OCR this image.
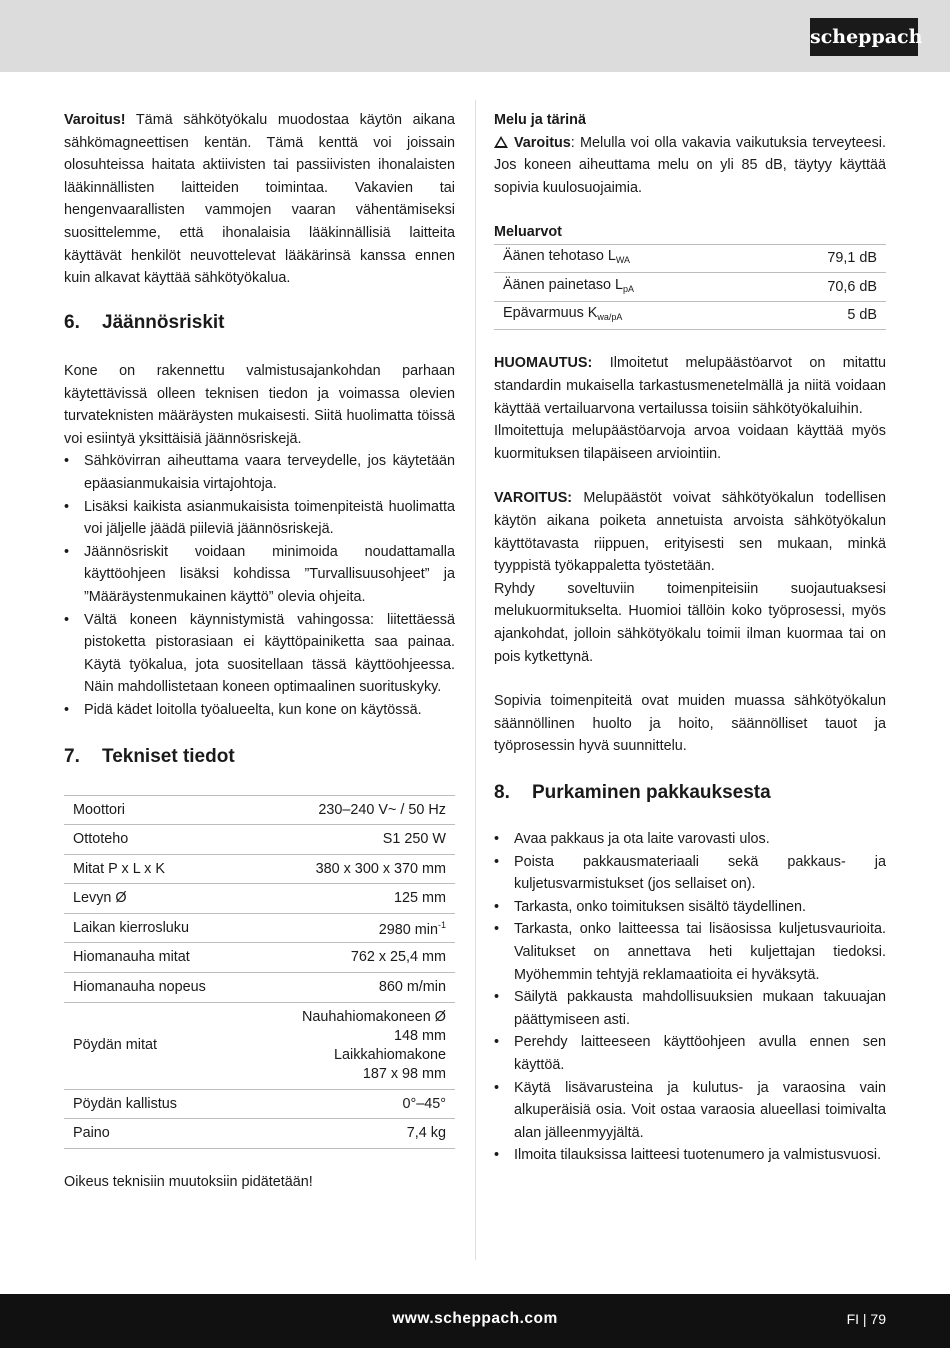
scheppach

Varoitus! Tämä sähkötyökalu muodostaa käytön aikana sähkömagneettisen kentän. Tämä kenttä voi joissain olosuhteissa haitata aktiivisten tai passiivisten ihonalaisten lääkinnällisten laitteiden toimintaa. Vakavien tai hengenvaarallisten vammojen vaaran vähentämiseksi suosittelemme, että ihonalaisia lääkinnällisiä laitteita käyttävät henkilöt neuvottelevat lääkärinsä kanssa ennen kuin alkavat käyttää sähkötyökalua.

6. Jäännösriskit

Kone on rakennettu valmistusajankohdan parhaan käytettävissä olleen teknisen tiedon ja voimassa olevien turvateknisten määräysten mukaisesti. Siitä huolimatta töissä voi esiintyä yksittäisiä jäännösriskejä.

• Sähkövirran aiheuttama vaara terveydelle, jos käytetään epäasianmukaisia virtajohtoja.
• Lisäksi kaikista asianmukaisista toimenpiteistä huolimatta voi jäljelle jäädä piileviä jäännösriskejä.
• Jäännösriskit voidaan minimoida noudattamalla käyttöohjeen lisäksi kohdissa ”Turvallisuusohjeet” ja ”Määräystenmukainen käyttö” olevia ohjeita.
• Vältä koneen käynnistymistä vahingossa: liitettäessä pistoketta pistorasiaan ei käyttöpainiketta saa painaa. Käytä työkalua, jota suositellaan tässä käyttöohjeessa. Näin mahdollistetaan koneen optimaalinen suorituskyky.
• Pidä kädet loitolla työalueelta, kun kone on käytössä.
7. Tekniset tiedot
Moottori	230–240 V~ / 50 Hz
Ottoteho	S1 250 W
Mitat P x L x K	380 x 300 x 370 mm
Levyn Ø	125 mm
Laikan kierrosluku	2980 $\min^{-1}$
Hiomanauha mitat	762 x 25,4 mm
Hiomanauha nopeus	860 m/min
Pöydän mitat	Nauhahiomakoneen Ø
148 mm
Laikkahiomakone
187 x 98 mm

Pöydän kallistus	0°–45°
Paino	7,4 kg

Oikeus teknisiin muutoksiin pidätetään!

Melu ja tärinä

Varoitus: Melulla voi olla vakavia vaikutuksia terveyteesi. Jos koneen aiheuttama melu on yli 85 dB, täytyy käyttää sopivia kuulosuojaimia.

Meluarvot

Äänen tehotaso $L_{WA}$	79,1 dB
Äänen painetaso $L_{pA}$	70,6 dB
Epävarmuus $K_{wa/pA}$	5 dB

HUOMAUTUS: Ilmoitetut melupäästöarvot on mitattu standardin mukaisella tarkastusmenetelmällä ja niitä voidaan käyttää vertailuarvona vertailussa toisiin sähkötyökaluihin.

Ilmoitettuja melupäästöarvoja arvoa voidaan käyttää myös kuormituksen tilapäiseen arviointiin.

VAROITUS: Melupäästöt voivat sähkötyökalun todellisen käytön aikana poiketa annetuista arvoista sähkötyökalun käyttötavasta riippuen, erityisesti sen mukaan, minkä tyyppistä työkappaletta työstetään.

Ryhdy soveltuviin toimenpiteisiin suojautuaksesi melukuormitukselta. Huomioi tällöin koko työprosessi, myös ajankohdat, jolloin sähkötyökalu toimii ilman kuormaa tai on pois kytkettynä.

Sopivia toimenpiteitä ovat muiden muassa sähkötyökalun säännöllinen huolto ja hoito, säännölliset tauot ja työprosessin hyvä suunnittelu.

8. Purkaminen pakkauksesta
• Avaa pakkaus ja ota laite varovasti ulos.
• Poista pakkausmateriaali sekä pakkaus- ja kuljetusvarmistukset (jos sellaiset on).
• Tarkasta, onko toimituksen sisältö täydellinen.
• Tarkasta, onko laitteessa tai lisäosissa kuljetusvaurioita. Valitukset on annettava heti kuljettajan tiedoksi. Myöhemmin tehtyjä reklamaatioita ei hyväksytä.
• Säilytä pakkausta mahdollisuuksien mukaan takuuajan päättymiseen asti.
• Perehdy laitteeseen käyttöohjeen avulla ennen sen käyttöä.
• Käytä lisävarusteina ja kulutus- ja varaosina vain alkuperäisiä osia. Voit ostaa varaosia alueellasi toimivalta alan jälleenmyyjältä.
• Ilmoita tilauksissa laitteesi tuotenumero ja valmistusvuosi.
www.scheppach.com	FI | 79
